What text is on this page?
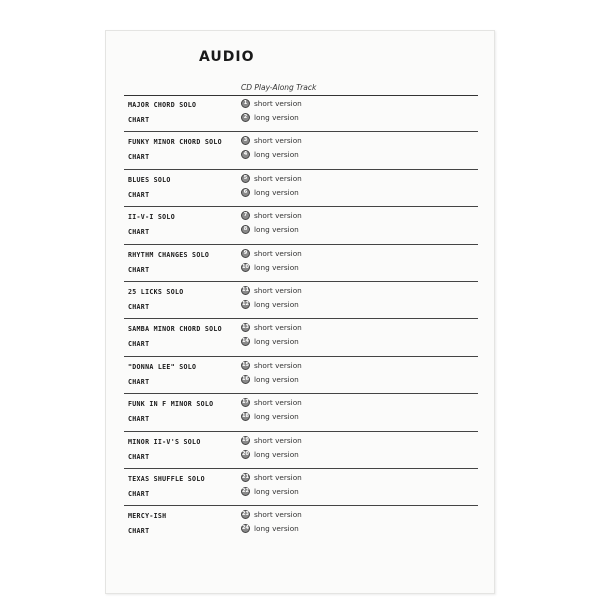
AUDIO
CD Play-Along Track
MAJOR CHORD SOLO
CHART
1 short version
2 long version
FUNKY MINOR CHORD SOLO
CHART
3 short version
4 long version
BLUES SOLO
CHART
5 short version
6 long version
II-V-I SOLO
CHART
7 short version
8 long version
RHYTHM CHANGES SOLO
CHART
9 short version
10 long version
25 LICKS SOLO
CHART
11 short version
12 long version
SAMBA MINOR CHORD SOLO
CHART
13 short version
14 long version
"DONNA LEE" SOLO
CHART
15 short version
16 long version
FUNK IN F MINOR SOLO
CHART
17 short version
18 long version
MINOR II-V'S SOLO
CHART
19 short version
20 long version
TEXAS SHUFFLE SOLO
CHART
21 short version
22 long version
MERCY-ISH
CHART
23 short version
24 long version
